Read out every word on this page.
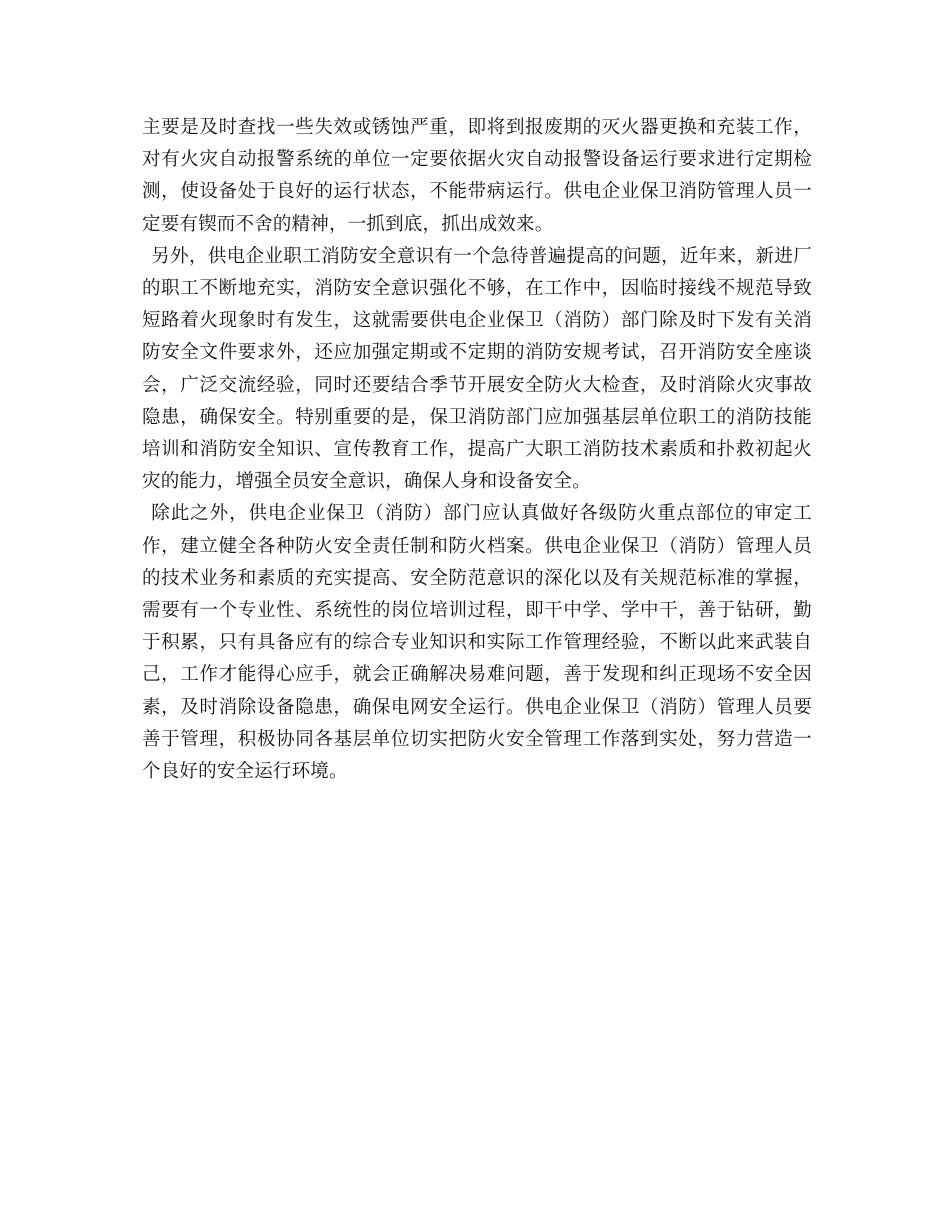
主要是及时查找一些失效或锈蚀严重，即将到报废期的灭火器更换和充装工作，对有火灾自动报警系统的单位一定要依据火灾自动报警设备运行要求进行定期检测，使设备处于良好的运行状态，不能带病运行。供电企业保卫消防管理人员一定要有锲而不舍的精神，一抓到底，抓出成效来。

另外，供电企业职工消防安全意识有一个急待普遍提高的问题，近年来，新进厂的职工不断地充实，消防安全意识强化不够，在工作中，因临时接线不规范导致短路着火现象时有发生，这就需要供电企业保卫（消防）部门除及时下发有关消防安全文件要求外，还应加强定期或不定期的消防安规考试，召开消防安全座谈会，广泛交流经验，同时还要结合季节开展安全防火大检查，及时消除火灾事故隐患，确保安全。特别重要的是，保卫消防部门应加强基层单位职工的消防技能培训和消防安全知识、宣传教育工作，提高广大职工消防技术素质和扑救初起火灾的能力，增强全员安全意识，确保人身和设备安全。

除此之外，供电企业保卫（消防）部门应认真做好各级防火重点部位的审定工作，建立健全各种防火安全责任制和防火档案。供电企业保卫（消防）管理人员的技术业务和素质的充实提高、安全防范意识的深化以及有关规范标准的掌握，需要有一个专业性、系统性的岗位培训过程，即干中学、学中干，善于钻研，勤于积累，只有具备应有的综合专业知识和实际工作管理经验，不断以此来武装自己，工作才能得心应手，就会正确解决易难问题，善于发现和纠正现场不安全因素，及时消除设备隐患，确保电网安全运行。供电企业保卫（消防）管理人员要善于管理，积极协同各基层单位切实把防火安全管理工作落到实处，努力营造一个良好的安全运行环境。
